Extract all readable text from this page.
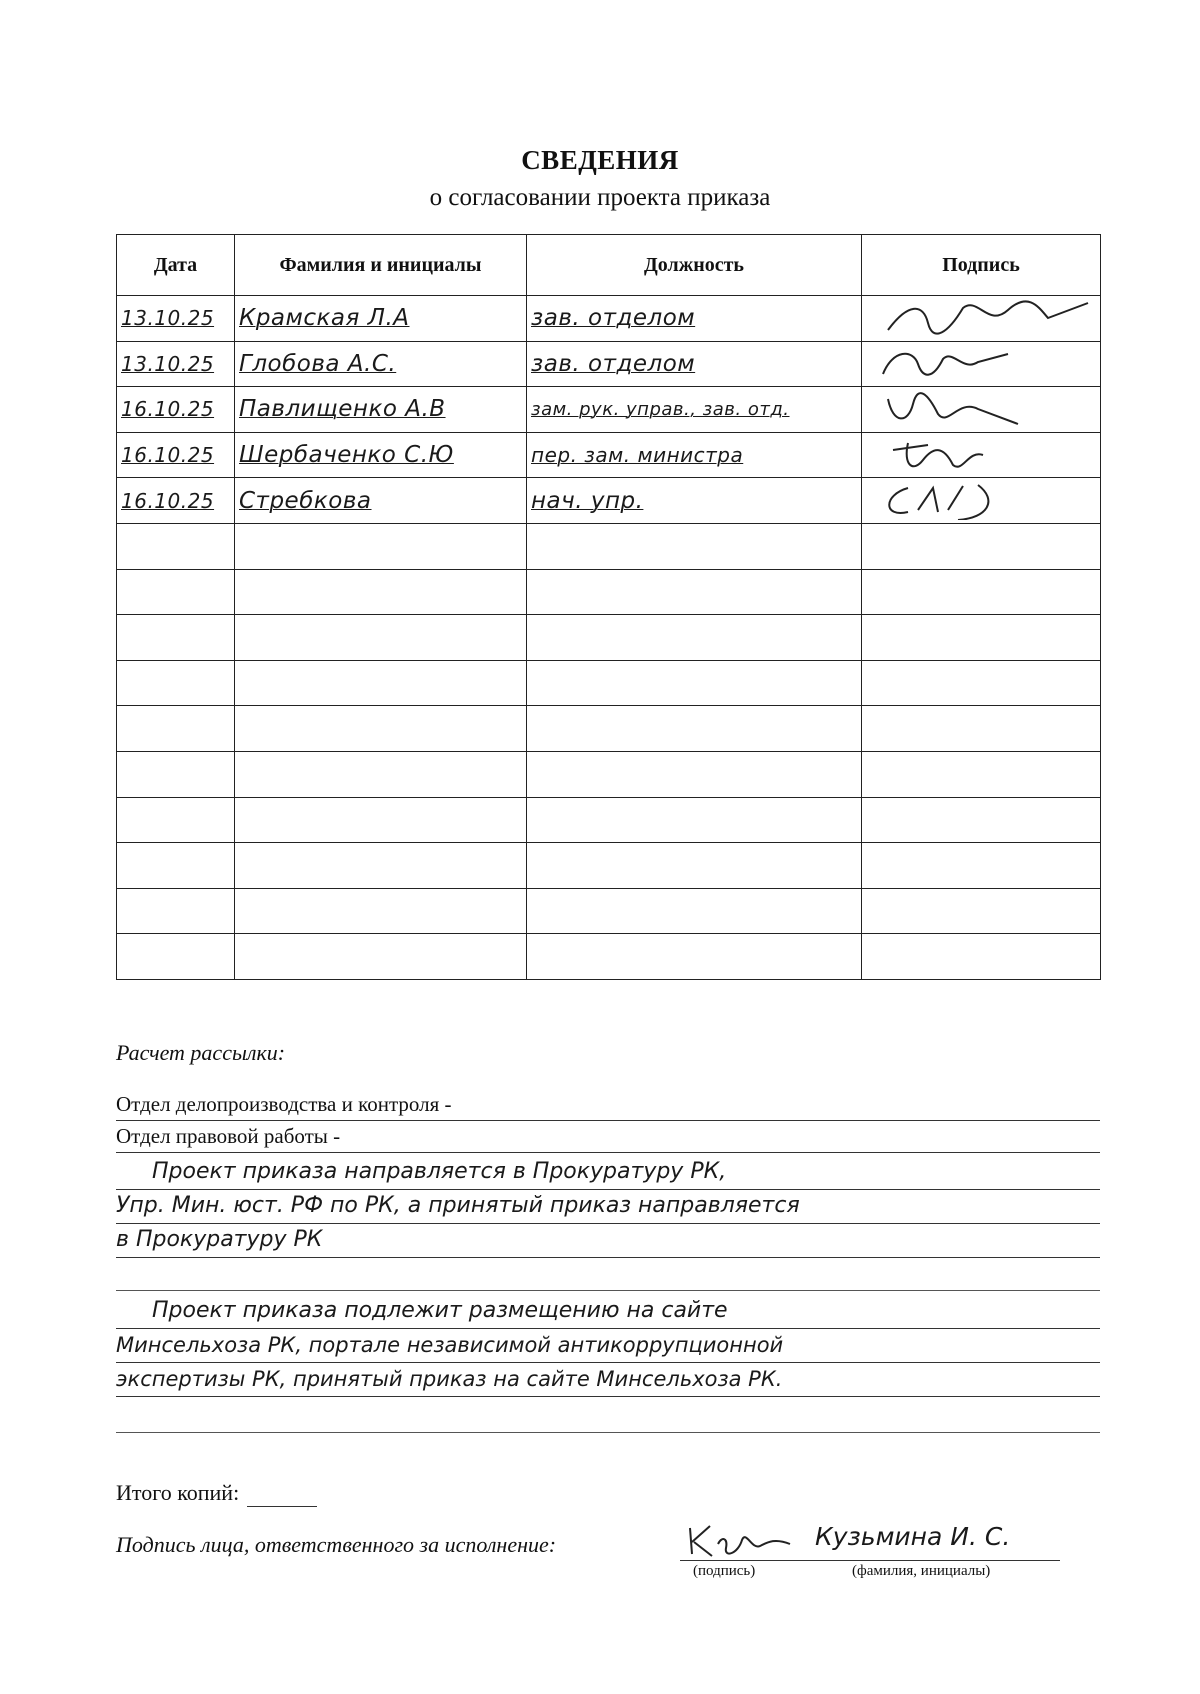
СВЕДЕНИЯ
о согласовании проекта приказа
Дата	Фамилия и инициалы	Должность	Подпись
13.10.25	Крамская Л.А	зав. отделом	

13.10.25	Глобова А.С.	зав. отделом	

16.10.25	Павлищенко А.В	зам. рук. управ., зав. отд.	

16.10.25	Шербаченко С.Ю	пер. зам. министра	

16.10.25	Стребкова	нач. упр.	

Расчет рассылки:
Отдел делопроизводства и контроля -
Отдел правовой работы -
Проект приказа направляется в Прокуратуру РК,
Упр. Мин. юст. РФ по РК, а принятый приказ направляется
в Прокуратуру РК
Проект приказа подлежит размещению на сайте
Минсельхоза РК, портале независимой антикоррупционной
экспертизы РК, принятый приказ на сайте Минсельхоза РК.
Итого копий:
Подпись лица, ответственного за исполнение:	Кузьмина И. С.
(подпись)	(фамилия, инициалы)
